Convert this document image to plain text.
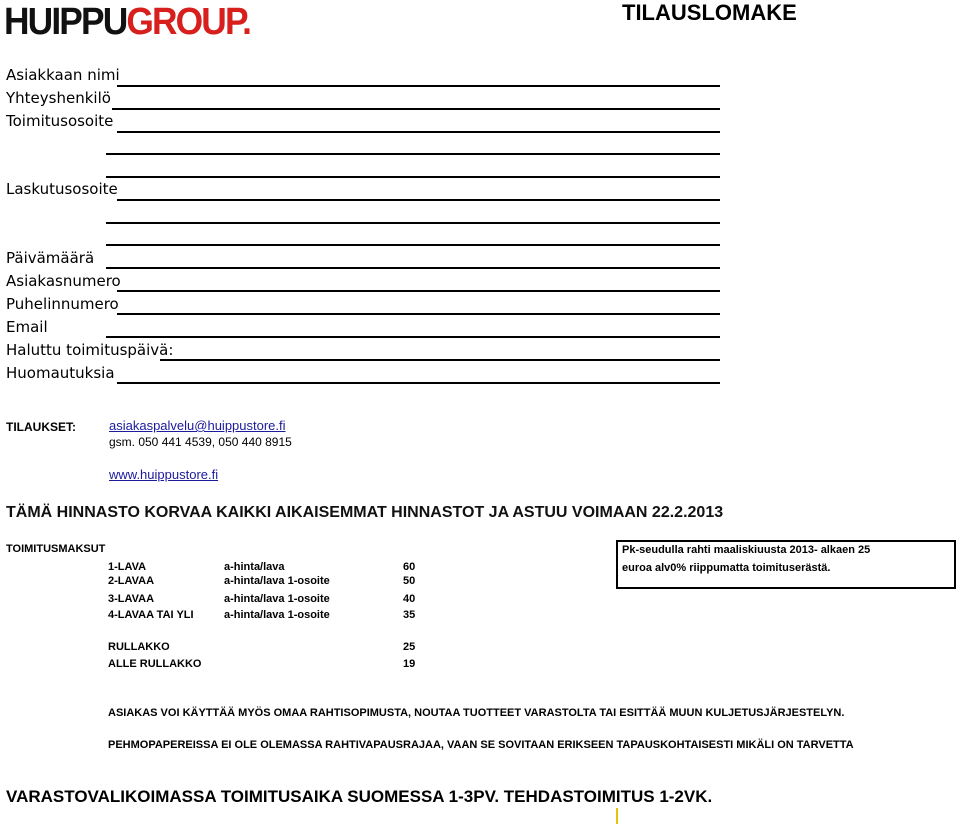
HUIPPUGROUP.	TILAUSLOMAKE
Asiakkaan nimi
Yhteyshenkilö
Toimitusosoite
Laskutusosoite
Päivämäärä
Asiakasnumero
Puhelinnumero
Email
Haluttu toimituspäivä:
Huomautuksia
TILAUKSET:	asiakaspalvelu@huippustore.fi
gsm. 050 441 4539, 050 440 8915
www.huippustore.fi
TÄMÄ HINNASTO KORVAA KAIKKI AIKAISEMMAT HINNASTOT JA ASTUU VOIMAAN 22.2.2013
TOIMITUSMAKSUT
1-LAVA	a-hinta/lava	60
2-LAVAA	a-hinta/lava 1-osoite	50
3-LAVAA	a-hinta/lava 1-osoite	40
4-LAVAA TAI YLI	a-hinta/lava 1-osoite	35
RULLAKKO	25
ALLE RULLAKKO	19
Pk-seudulla rahti maaliskiuusta 2013- alkaen 25
euroa alv0% riippumatta toimituserästä.
ASIAKAS VOI KÄYTTÄÄ MYÖS OMAA RAHTISOPIMUSTA, NOUTAA TUOTTEET VARASTOLTA TAI ESITTÄÄ MUUN KULJETUSJÄRJESTELYN.
PEHMOPAPEREISSA EI OLE OLEMASSA RAHTIVAPAUSRAJAA, VAAN SE SOVITAAN ERIKSEEN TAPAUSKOHTAISESTI MIKÄLI ON TARVETTA
VARASTOVALIKOIMASSA TOIMITUSAIKA SUOMESSA 1-3PV. TEHDASTOIMITUS 1-2VK.
